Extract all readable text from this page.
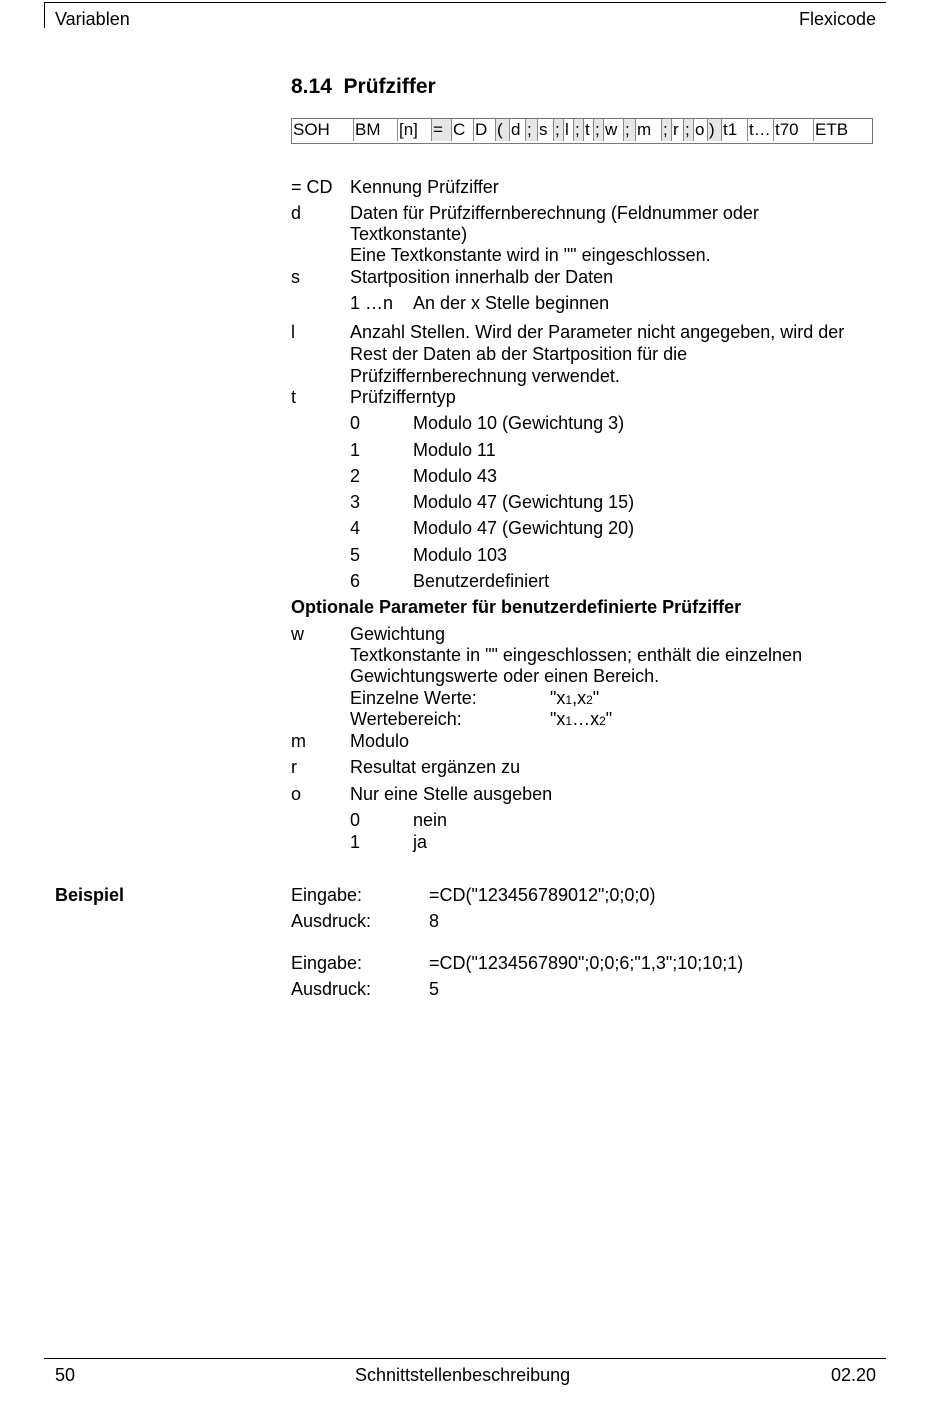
Variablen	Flexicode
8.14 Prüfziffer
SOH	BM	[n] = C D ( d ; s ; l ; t ; w ; m ; r ; o ) t1 t… t70 ETB
= CD Kennung Prüfziffer
d	Daten für Prüfziffernberechnung (Feldnummer oder
Textkonstante)
Eine Textkonstante wird in "" eingeschlossen.
s	Startposition innerhalb der Daten
1 …n An der x Stelle beginnen
l	Anzahl Stellen. Wird der Parameter nicht angegeben, wird der
Rest der Daten ab der Startposition für die
Prüfziffernberechnung verwendet.
t	Prüfzifferntyp
0	Modulo 10 (Gewichtung 3)
1	Modulo 11
2	Modulo 43
3	Modulo 47 (Gewichtung 15)
4	Modulo 47 (Gewichtung 20)
5	Modulo 103
6	Benutzerdefiniert
Optionale Parameter für benutzerdefinierte Prüfziffer
w	Gewichtung
Textkonstante in "" eingeschlossen; enthält die einzelnen
Gewichtungswerte oder einen Bereich.
Einzelne Werte:	"x1,x2"
Wertebereich:	"x1…x2"
m Modulo
r	Resultat ergänzen zu
o	Nur eine Stelle ausgeben
0	nein
1	ja
Beispiel	Eingabe:	=CD("123456789012";0;0;0)
Ausdruck:	8
Eingabe:	=CD("1234567890";0;0;6;"1,3";10;10;1)
Ausdruck:	5
50	Schnittstellenbeschreibung	02.20
